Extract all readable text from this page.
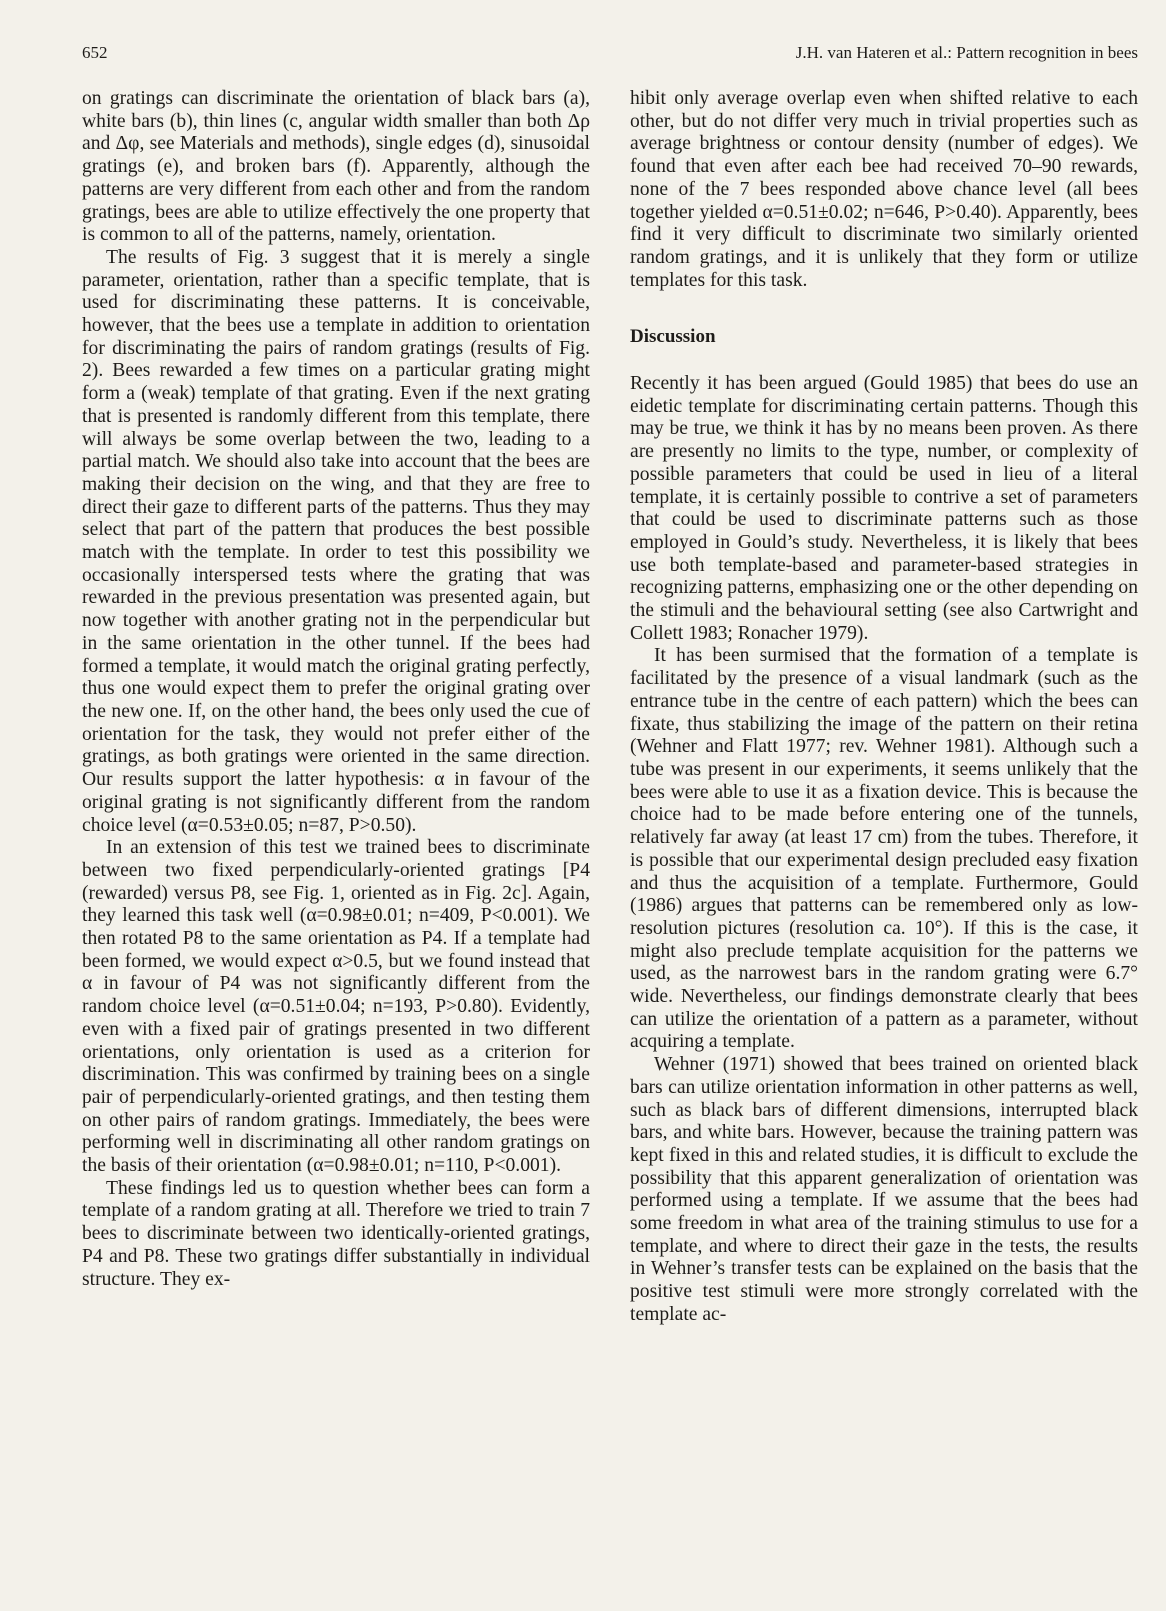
652	J.H. van Hateren et al.: Pattern recognition in bees

on gratings can discriminate the orientation of black bars (a), white bars (b), thin lines (c, angular width smaller than both Δρ and Δφ, see Materials and methods), single edges (d), sinusoidal gratings (e), and broken bars (f). Apparently, although the patterns are very different from each other and from the random gratings, bees are able to utilize effectively the one property that is common to all of the patterns, namely, orientation.

The results of Fig. 3 suggest that it is merely a single parameter, orientation, rather than a specific template, that is used for discriminating these patterns. It is conceivable, however, that the bees use a template in addition to orientation for discriminating the pairs of random gratings (results of Fig. 2). Bees rewarded a few times on a particular grating might form a (weak) template of that grating. Even if the next grating that is presented is randomly different from this template, there will always be some overlap between the two, leading to a partial match. We should also take into account that the bees are making their decision on the wing, and that they are free to direct their gaze to different parts of the patterns. Thus they may select that part of the pattern that produces the best possible match with the template. In order to test this possibility we occasionally interspersed tests where the grating that was rewarded in the previous presentation was presented again, but now together with another grating not in the perpendicular but in the same orientation in the other tunnel. If the bees had formed a template, it would match the original grating perfectly, thus one would expect them to prefer the original grating over the new one. If, on the other hand, the bees only used the cue of orientation for the task, they would not prefer either of the gratings, as both gratings were oriented in the same direction. Our results support the latter hypothesis: α in favour of the original grating is not significantly different from the random choice level (α=0.53±0.05; n=87, P>0.50).

In an extension of this test we trained bees to discriminate between two fixed perpendicularly-oriented gratings [P4 (rewarded) versus P8, see Fig. 1, oriented as in Fig. 2c]. Again, they learned this task well (α=0.98±0.01; n=409, P<0.001). We then rotated P8 to the same orientation as P4. If a template had been formed, we would expect α>0.5, but we found instead that α in favour of P4 was not significantly different from the random choice level (α=0.51±0.04; n=193, P>0.80). Evidently, even with a fixed pair of gratings presented in two different orientations, only orientation is used as a criterion for discrimination. This was confirmed by training bees on a single pair of perpendicularly-oriented gratings, and then testing them on other pairs of random gratings. Immediately, the bees were performing well in discriminating all other random gratings on the basis of their orientation (α=0.98±0.01; n=110, P<0.001).

These findings led us to question whether bees can form a template of a random grating at all. Therefore we tried to train 7 bees to discriminate between two identically-oriented gratings, P4 and P8. These two gratings differ substantially in individual structure. They ex-

hibit only average overlap even when shifted relative to each other, but do not differ very much in trivial properties such as average brightness or contour density (number of edges). We found that even after each bee had received 70–90 rewards, none of the 7 bees responded above chance level (all bees together yielded α=0.51±0.02; n=646, P>0.40). Apparently, bees find it very difficult to discriminate two similarly oriented random gratings, and it is unlikely that they form or utilize templates for this task.

Discussion

Recently it has been argued (Gould 1985) that bees do use an eidetic template for discriminating certain patterns. Though this may be true, we think it has by no means been proven. As there are presently no limits to the type, number, or complexity of possible parameters that could be used in lieu of a literal template, it is certainly possible to contrive a set of parameters that could be used to discriminate patterns such as those employed in Gould’s study. Nevertheless, it is likely that bees use both template-based and parameter-based strategies in recognizing patterns, emphasizing one or the other depending on the stimuli and the behavioural setting (see also Cartwright and Collett 1983; Ronacher 1979).

It has been surmised that the formation of a template is facilitated by the presence of a visual landmark (such as the entrance tube in the centre of each pattern) which the bees can fixate, thus stabilizing the image of the pattern on their retina (Wehner and Flatt 1977; rev. Wehner 1981). Although such a tube was present in our experiments, it seems unlikely that the bees were able to use it as a fixation device. This is because the choice had to be made before entering one of the tunnels, relatively far away (at least 17 cm) from the tubes. Therefore, it is possible that our experimental design precluded easy fixation and thus the acquisition of a template. Furthermore, Gould (1986) argues that patterns can be remembered only as low-resolution pictures (resolution ca. 10°). If this is the case, it might also preclude template acquisition for the patterns we used, as the narrowest bars in the random grating were 6.7° wide. Nevertheless, our findings demonstrate clearly that bees can utilize the orientation of a pattern as a parameter, without acquiring a template.

Wehner (1971) showed that bees trained on oriented black bars can utilize orientation information in other patterns as well, such as black bars of different dimensions, interrupted black bars, and white bars. However, because the training pattern was kept fixed in this and related studies, it is difficult to exclude the possibility that this apparent generalization of orientation was performed using a template. If we assume that the bees had some freedom in what area of the training stimulus to use for a template, and where to direct their gaze in the tests, the results in Wehner’s transfer tests can be explained on the basis that the positive test stimuli were more strongly correlated with the template ac-
